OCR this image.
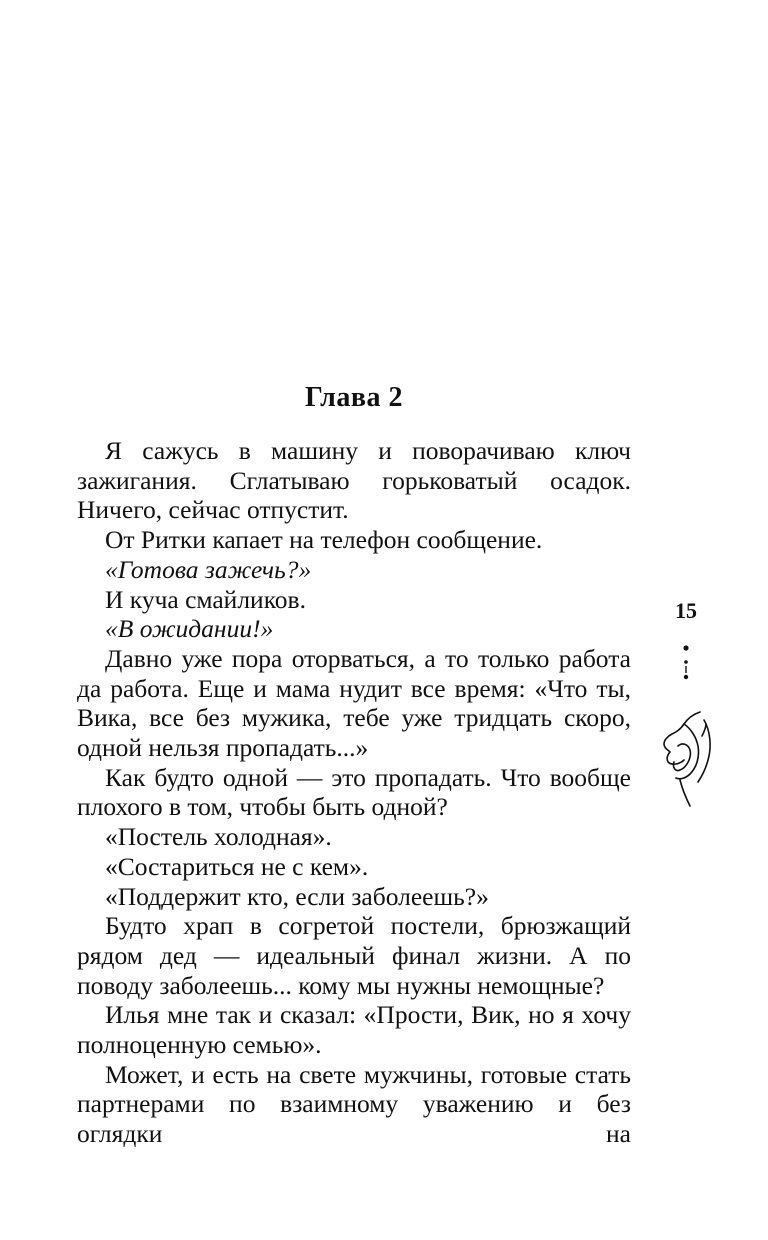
Глава 2

Я сажусь в машину и поворачиваю ключ зажигания. Сглатываю горьковатый осадок. Ничего, сейчас отпустит.

От Ритки капает на телефон сообщение.

«Готова зажечь?»

И куча смайликов.

«В ожидании!»

Давно уже пора оторваться, а то только работа да работа. Еще и мама нудит все время: «Что ты, Вика, все без мужика, тебе уже тридцать скоро, одной нельзя пропадать...»

Как будто одной — это пропадать. Что вообще плохого в том, чтобы быть одной?

«Постель холодная».

«Состариться не с кем».

«Поддержит кто, если заболеешь?»

Будто храп в согретой постели, брюзжащий рядом дед — идеальный финал жизни. А по поводу заболеешь... кому мы нужны немощные?

Илья мне так и сказал: «Прости, Вик, но я хочу полноценную семью».

Может, и есть на свете мужчины, готовые стать партнерами по взаимному уважению и без оглядки на

15
